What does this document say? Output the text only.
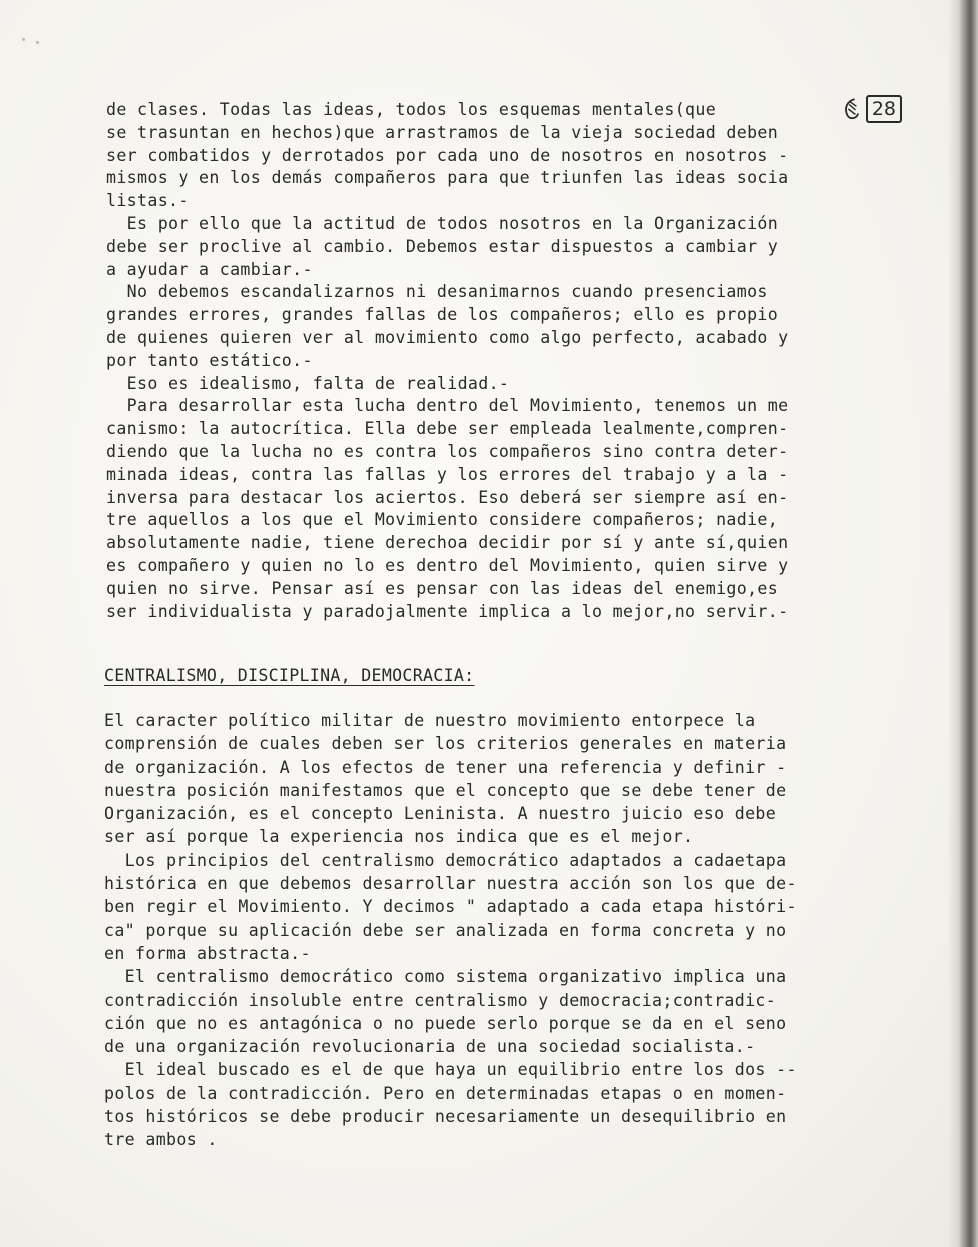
28
de clases. Todas las ideas, todos los esquemas mentales(que
se trasuntan en hechos)que arrastramos de la vieja sociedad deben
ser combatidos y derrotados por cada uno de nosotros en nosotros -
mismos y en los demás compañeros para que triunfen las ideas socia
listas.-
Es por ello que la actitud de todos nosotros en la Organización
debe ser proclive al cambio. Debemos estar dispuestos a cambiar y
a ayudar a cambiar.-
No debemos escandalizarnos ni desanimarnos cuando presenciamos
grandes errores, grandes fallas de los compañeros; ello es propio
de quienes quieren ver al movimiento como algo perfecto, acabado y
por tanto estático.-
Eso es idealismo, falta de realidad.-
Para desarrollar esta lucha dentro del Movimiento, tenemos un me
canismo: la autocrítica. Ella debe ser empleada lealmente,compren-
diendo que la lucha no es contra los compañeros sino contra deter-
minada ideas, contra las fallas y los errores del trabajo y a la -
inversa para destacar los aciertos. Eso deberá ser siempre así en-
tre aquellos a los que el Movimiento considere compañeros; nadie,
absolutamente nadie, tiene derechoa decidir por sí y ante sí,quien
es compañero y quien no lo es dentro del Movimiento, quien sirve y
quien no sirve. Pensar así es pensar con las ideas del enemigo,es
ser individualista y paradojalmente implica a lo mejor,no servir.-
CENTRALISMO, DISCIPLINA, DEMOCRACIA:
El caracter político militar de nuestro movimiento entorpece la
comprensión de cuales deben ser los criterios generales en materia
de organización. A los efectos de tener una referencia y definir -
nuestra posición manifestamos que el concepto que se debe tener de
Organización, es el concepto Leninista. A nuestro juicio eso debe
ser así porque la experiencia nos indica que es el mejor.
Los principios del centralismo democrático adaptados a cadaetapa
histórica en que debemos desarrollar nuestra acción son los que de-
ben regir el Movimiento. Y decimos " adaptado a cada etapa históri-
ca" porque su aplicación debe ser analizada en forma concreta y no
en forma abstracta.-
El centralismo democrático como sistema organizativo implica una
contradicción insoluble entre centralismo y democracia;contradic-
ción que no es antagónica o no puede serlo porque se da en el seno
de una organización revolucionaria de una sociedad socialista.-
El ideal buscado es el de que haya un equilibrio entre los dos --
polos de la contradicción. Pero en determinadas etapas o en momen-
tos históricos se debe producir necesariamente un desequilibrio en
tre ambos .
